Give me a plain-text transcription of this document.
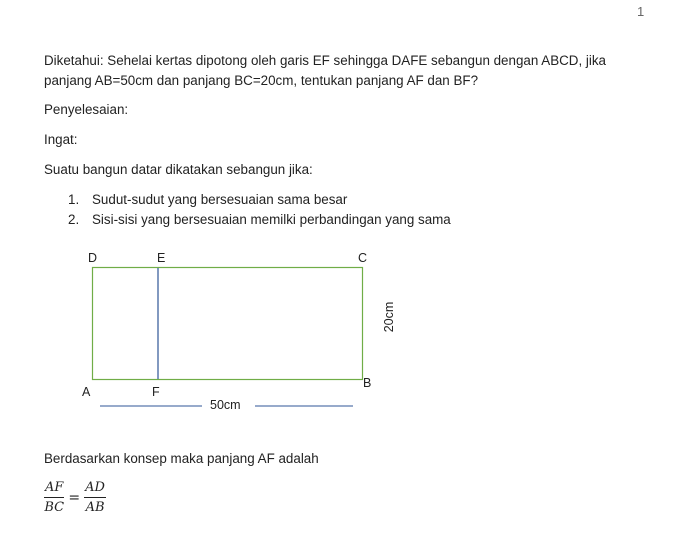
1
Diketahui: Sehelai kertas dipotong oleh garis EF sehingga DAFE sebangun dengan ABCD, jika panjang AB=50cm dan panjang BC=20cm, tentukan panjang AF dan BF?
Penyelesaian:
Ingat:
Suatu bangun datar dikatakan sebangun jika:
1. Sudut-sudut yang bersesuaian sama besar
2. Sisi-sisi yang bersesuaian memilki perbandingan yang sama
D	E	C
B
A	F
50cm
20cm
Berdasarkan konsep maka panjang AF adalah
$\frac{AF}{BC} = \frac{AD}{AB}$
